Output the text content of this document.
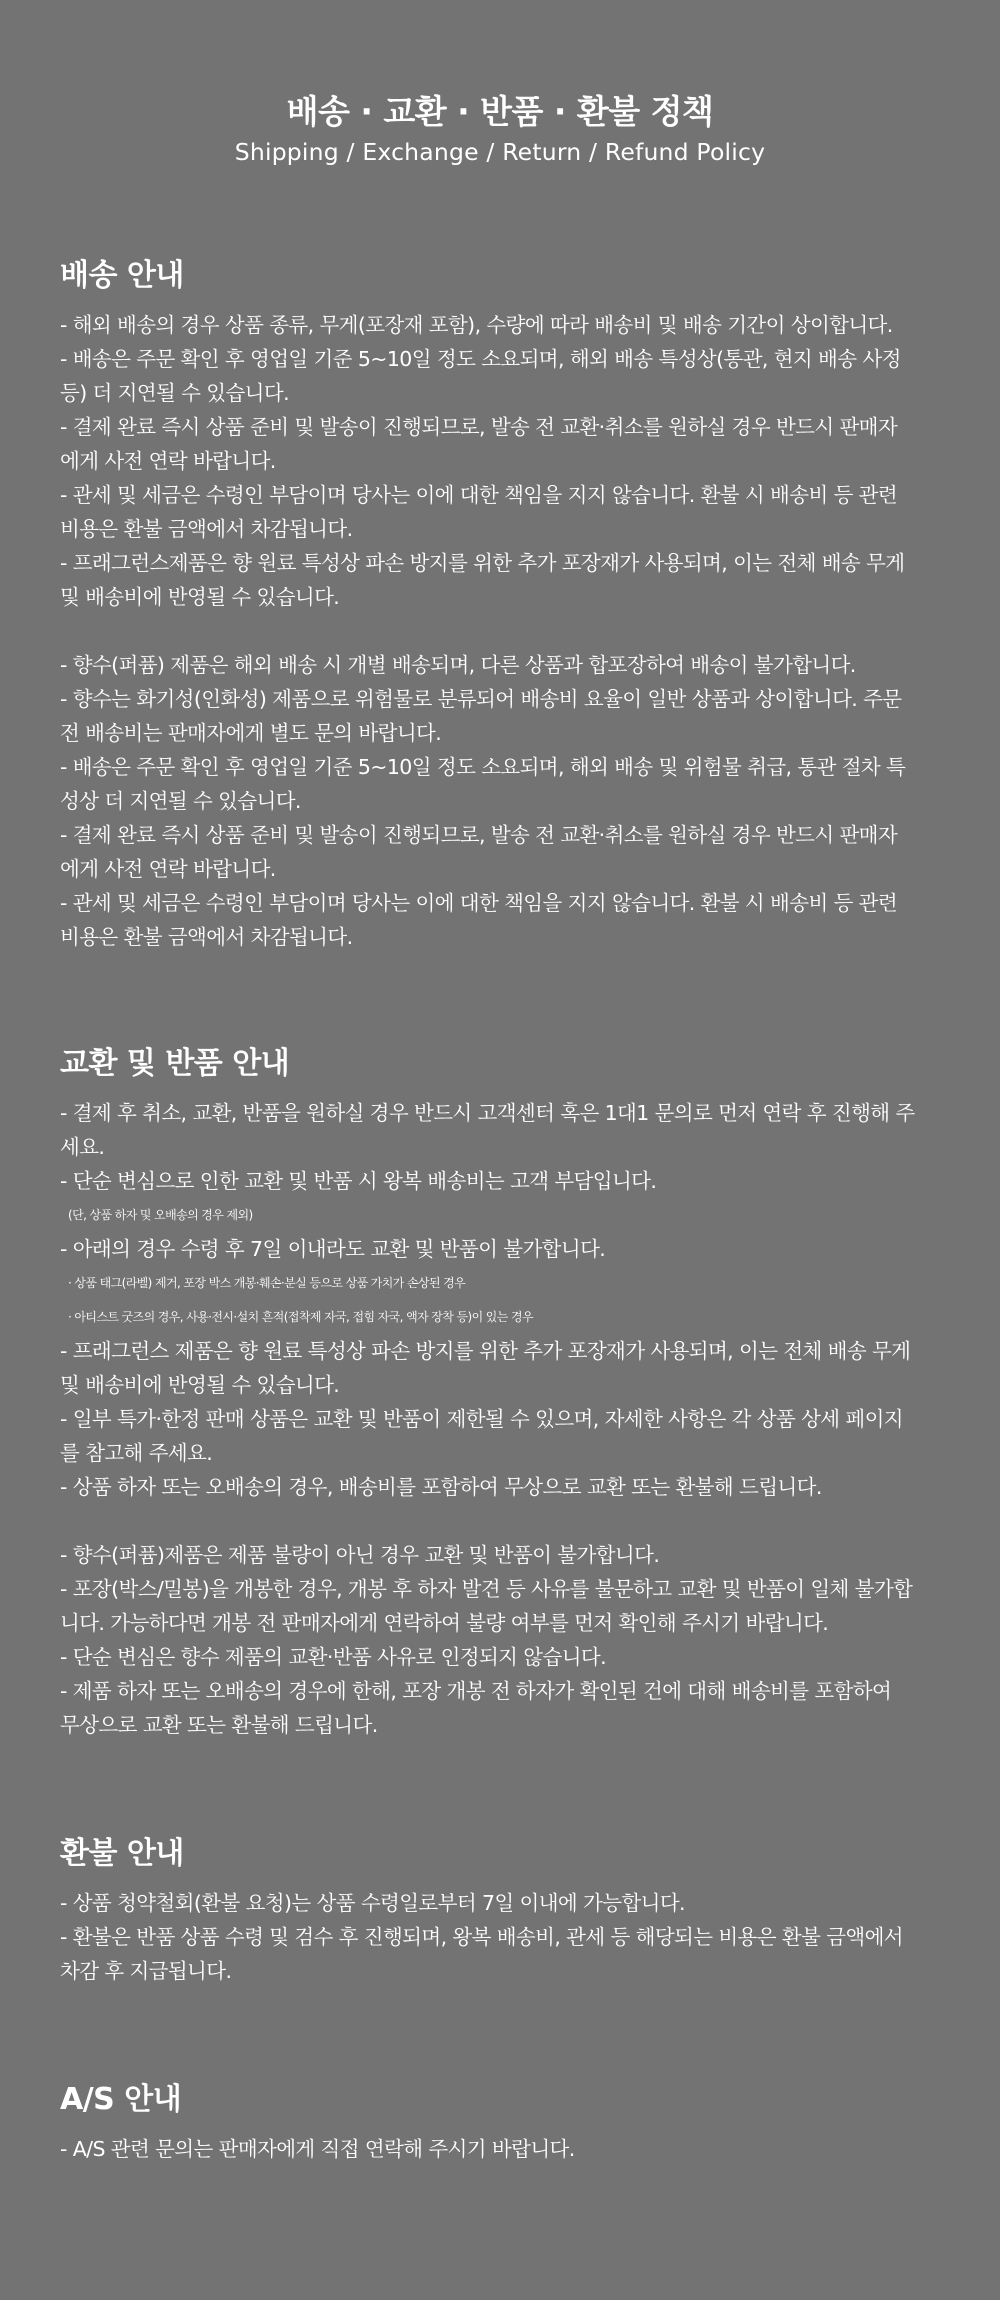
배송 · 교환 · 반품 · 환불 정책
Shipping / Exchange / Return / Refund Policy
배송 안내

- 해외 배송의 경우 상품 종류, 무게(포장재 포함), 수량에 따라 배송비 및 배송 기간이 상이합니다.

- 배송은 주문 확인 후 영업일 기준 5~10일 정도 소요되며, 해외 배송 특성상(통관, 현지 배송 사정

등) 더 지연될 수 있습니다.

- 결제 완료 즉시 상품 준비 및 발송이 진행되므로, 발송 전 교환·취소를 원하실 경우 반드시 판매자

에게 사전 연락 바랍니다.

- 관세 및 세금은 수령인 부담이며 당사는 이에 대한 책임을 지지 않습니다. 환불 시 배송비 등 관련

비용은 환불 금액에서 차감됩니다.

- 프래그런스제품은 향 원료 특성상 파손 방지를 위한 추가 포장재가 사용되며, 이는 전체 배송 무게

및 배송비에 반영될 수 있습니다.

- 향수(퍼퓸) 제품은 해외 배송 시 개별 배송되며, 다른 상품과 합포장하여 배송이 불가합니다.

- 향수는 화기성(인화성) 제품으로 위험물로 분류되어 배송비 요율이 일반 상품과 상이합니다. 주문

전 배송비는 판매자에게 별도 문의 바랍니다.

- 배송은 주문 확인 후 영업일 기준 5~10일 정도 소요되며, 해외 배송 및 위험물 취급, 통관 절차 특

성상 더 지연될 수 있습니다.

- 결제 완료 즉시 상품 준비 및 발송이 진행되므로, 발송 전 교환·취소를 원하실 경우 반드시 판매자

에게 사전 연락 바랍니다.

- 관세 및 세금은 수령인 부담이며 당사는 이에 대한 책임을 지지 않습니다. 환불 시 배송비 등 관련

비용은 환불 금액에서 차감됩니다.

교환 및 반품 안내

- 결제 후 취소, 교환, 반품을 원하실 경우 반드시 고객센터 혹은 1대1 문의로 먼저 연락 후 진행해 주

세요.

- 단순 변심으로 인한 교환 및 반품 시 왕복 배송비는 고객 부담입니다.

(단, 상품 하자 및 오배송의 경우 제외)

- 아래의 경우 수령 후 7일 이내라도 교환 및 반품이 불가합니다.

· 상품 태그(라벨) 제거, 포장 박스 개봉·훼손·분실 등으로 상품 가치가 손상된 경우

· 아티스트 굿즈의 경우, 사용·전시·설치 흔적(접착제 자국, 접힘 자국, 액자 장착 등)이 있는 경우

- 프래그런스 제품은 향 원료 특성상 파손 방지를 위한 추가 포장재가 사용되며, 이는 전체 배송 무게

및 배송비에 반영될 수 있습니다.

- 일부 특가·한정 판매 상품은 교환 및 반품이 제한될 수 있으며, 자세한 사항은 각 상품 상세 페이지

를 참고해 주세요.

- 상품 하자 또는 오배송의 경우, 배송비를 포함하여 무상으로 교환 또는 환불해 드립니다.

- 향수(퍼퓸)제품은 제품 불량이 아닌 경우 교환 및 반품이 불가합니다.

- 포장(박스/밀봉)을 개봉한 경우, 개봉 후 하자 발견 등 사유를 불문하고 교환 및 반품이 일체 불가합

니다. 가능하다면 개봉 전 판매자에게 연락하여 불량 여부를 먼저 확인해 주시기 바랍니다.

- 단순 변심은 향수 제품의 교환·반품 사유로 인정되지 않습니다.

- 제품 하자 또는 오배송의 경우에 한해, 포장 개봉 전 하자가 확인된 건에 대해 배송비를 포함하여

무상으로 교환 또는 환불해 드립니다.

환불 안내

- 상품 청약철회(환불 요청)는 상품 수령일로부터 7일 이내에 가능합니다.

- 환불은 반품 상품 수령 및 검수 후 진행되며, 왕복 배송비, 관세 등 해당되는 비용은 환불 금액에서

차감 후 지급됩니다.

A/S 안내

- A/S 관련 문의는 판매자에게 직접 연락해 주시기 바랍니다.
